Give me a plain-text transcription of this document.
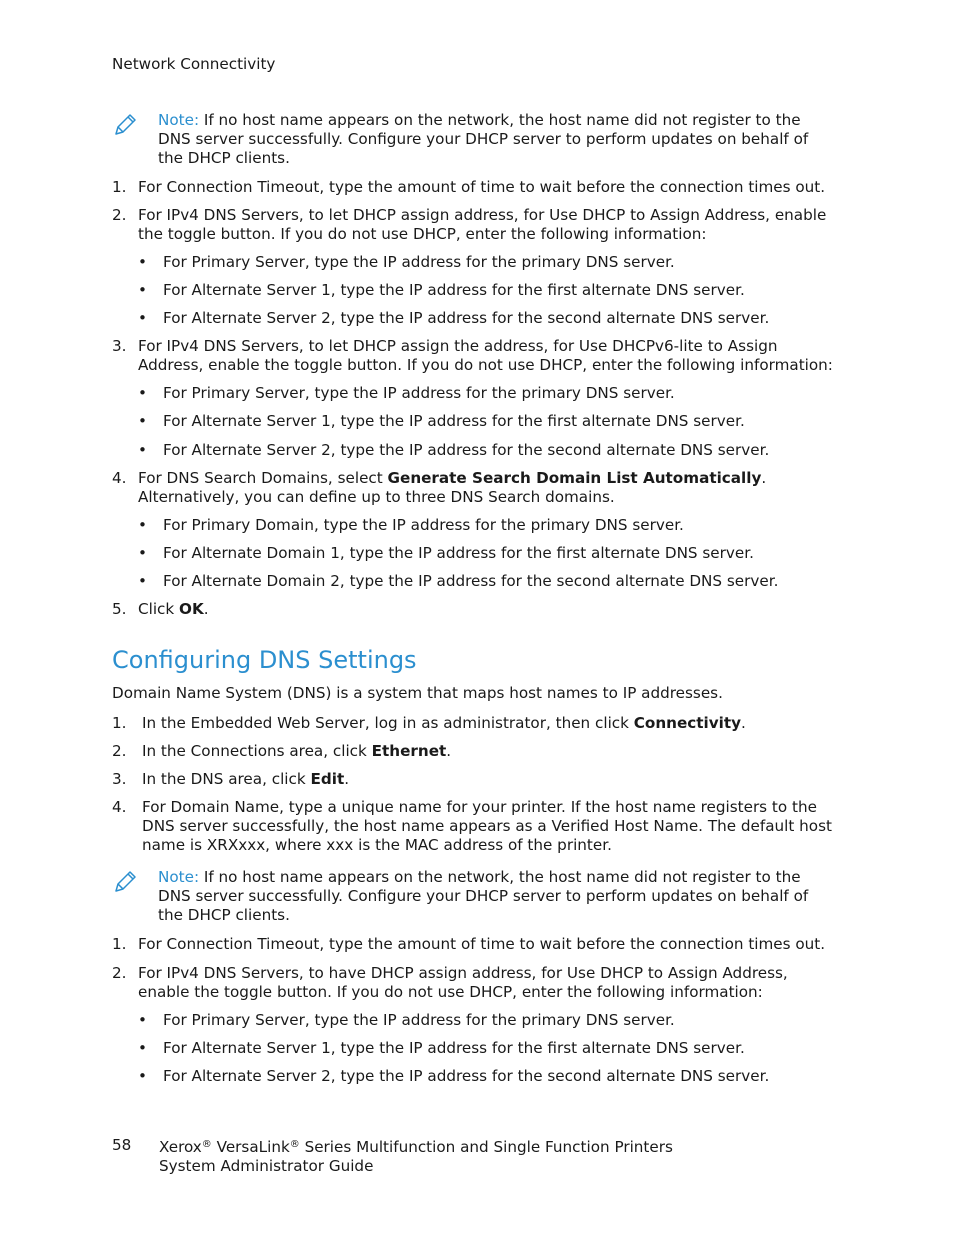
Network Connectivity
Note: If no host name appears on the network, the host name did not register to the DNS server successfully. Configure your DHCP server to perform updates on behalf of the DHCP clients.
1. For Connection Timeout, type the amount of time to wait before the connection times out.
2. For IPv4 DNS Servers, to let DHCP assign address, for Use DHCP to Assign Address, enable the toggle button. If you do not use DHCP, enter the following information:
• For Primary Server, type the IP address for the primary DNS server.
• For Alternate Server 1, type the IP address for the first alternate DNS server.
• For Alternate Server 2, type the IP address for the second alternate DNS server.
3. For IPv4 DNS Servers, to let DHCP assign the address, for Use DHCPv6-lite to Assign Address, enable the toggle button. If you do not use DHCP, enter the following information:
• For Primary Server, type the IP address for the primary DNS server.
• For Alternate Server 1, type the IP address for the first alternate DNS server.
• For Alternate Server 2, type the IP address for the second alternate DNS server.
4. For DNS Search Domains, select Generate Search Domain List Automatically. Alternatively, you can define up to three DNS Search domains.
• For Primary Domain, type the IP address for the primary DNS server.
• For Alternate Domain 1, type the IP address for the first alternate DNS server.
• For Alternate Domain 2, type the IP address for the second alternate DNS server.
5. Click OK.
Configuring DNS Settings
Domain Name System (DNS) is a system that maps host names to IP addresses.
1.	In the Embedded Web Server, log in as administrator, then click Connectivity.
2.	In the Connections area, click Ethernet.
3.	In the DNS area, click Edit.
4.	For Domain Name, type a unique name for your printer. If the host name registers to the DNS server successfully, the host name appears as a Verified Host Name. The default host name is XRXxxx, where xxx is the MAC address of the printer.
Note: If no host name appears on the network, the host name did not register to the DNS server successfully. Configure your DHCP server to perform updates on behalf of the DHCP clients.
1. For Connection Timeout, type the amount of time to wait before the connection times out.
2. For IPv4 DNS Servers, to have DHCP assign address, for Use DHCP to Assign Address, enable the toggle button. If you do not use DHCP, enter the following information:
• For Primary Server, type the IP address for the primary DNS server.
• For Alternate Server 1, type the IP address for the first alternate DNS server.
• For Alternate Server 2, type the IP address for the second alternate DNS server.
58 Xerox® VersaLink® Series Multifunction and Single Function Printers
System Administrator Guide
